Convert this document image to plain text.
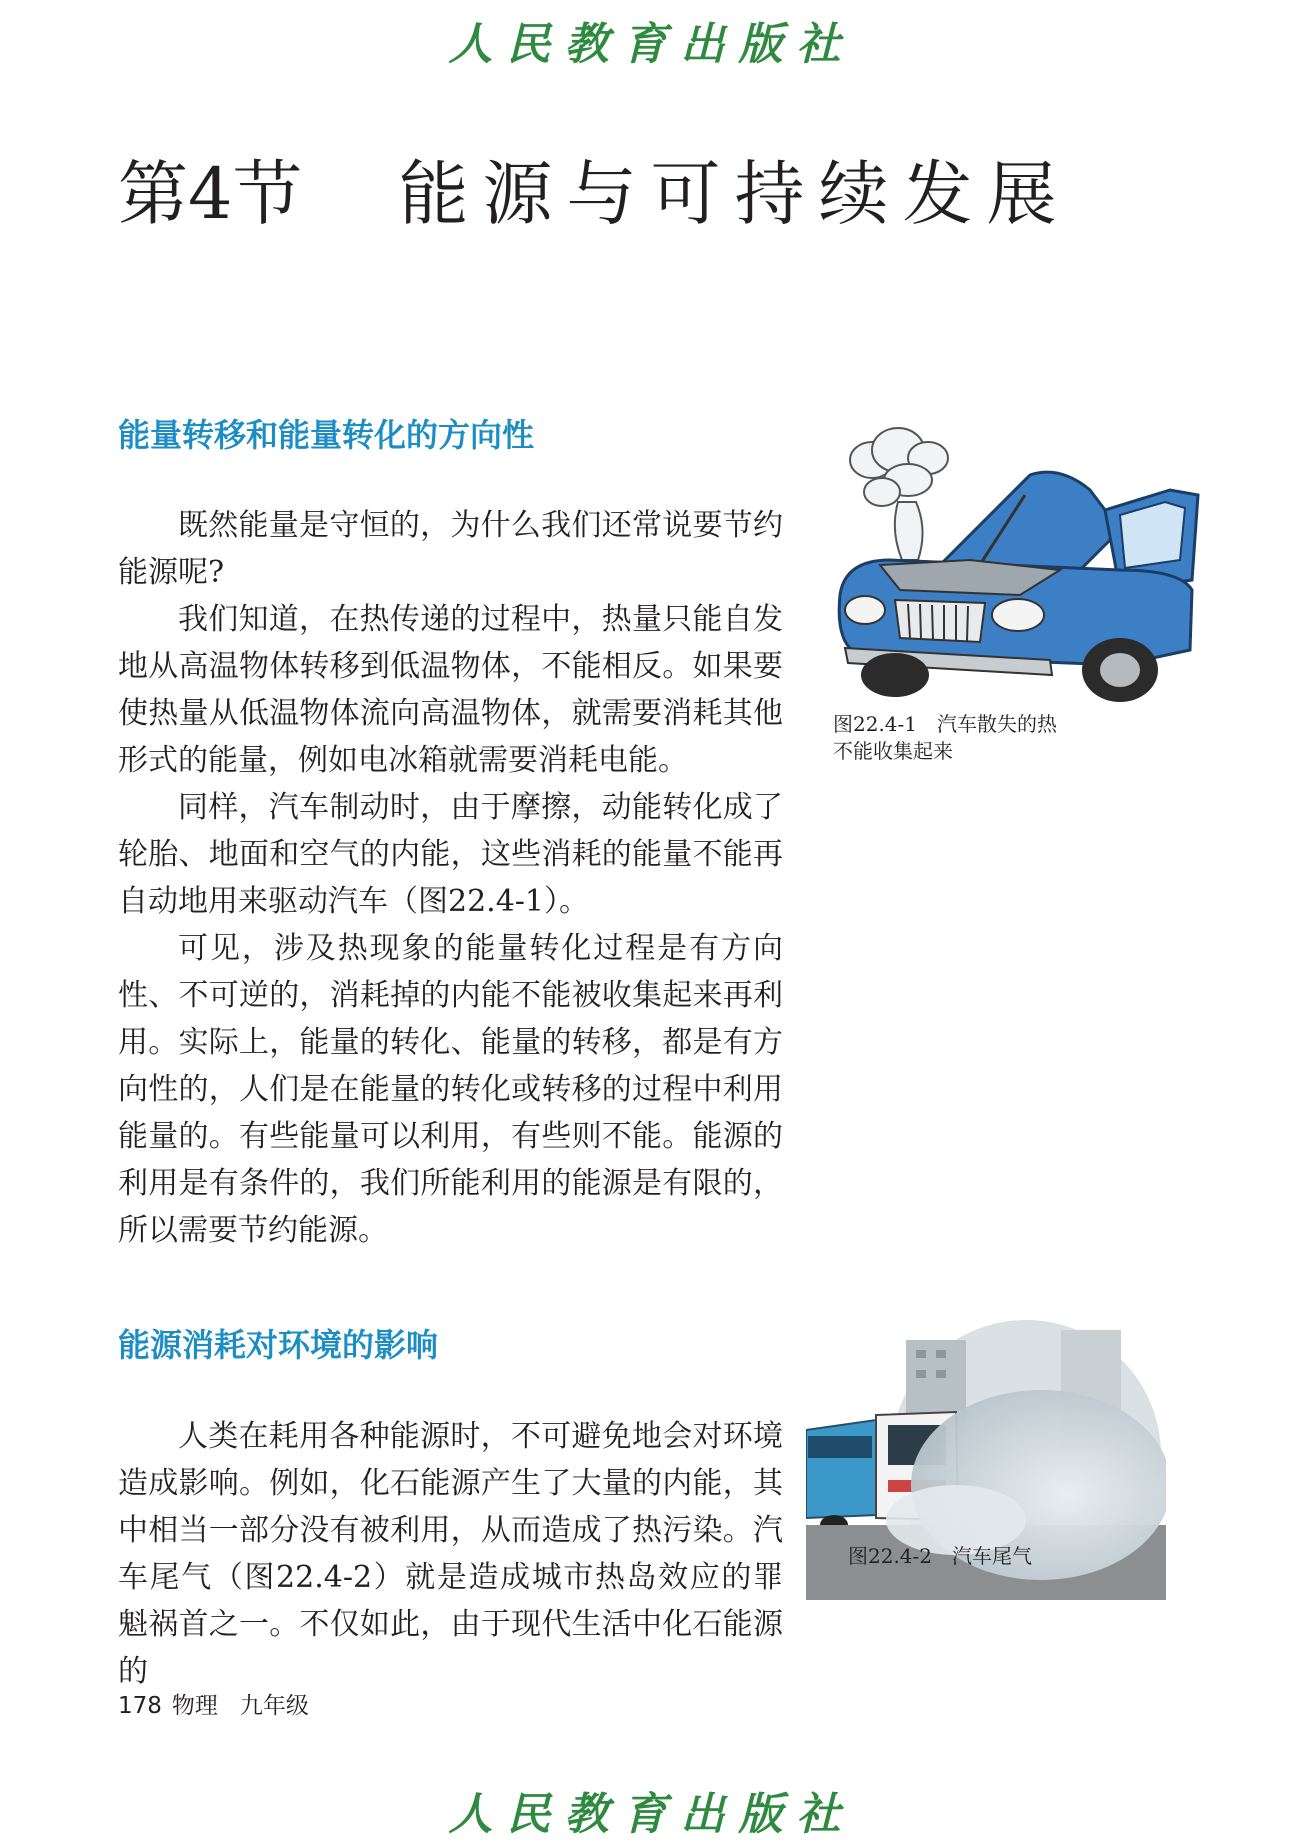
人民教育出版社
第4节 能源与可持续发展
能量转移和能量转化的方向性

既然能量是守恒的，为什么我们还常说要节约能源呢?

我们知道，在热传递的过程中，热量只能自发地从高温物体转移到低温物体，不能相反。如果要使热量从低温物体流向高温物体，就需要消耗其他形式的能量，例如电冰箱就需要消耗电能。

同样，汽车制动时，由于摩擦，动能转化成了轮胎、地面和空气的内能，这些消耗的能量不能再自动地用来驱动汽车（图22.4-1）。

可见，涉及热现象的能量转化过程是有方向性、不可逆的，消耗掉的内能不能被收集起来再利用。实际上，能量的转化、能量的转移，都是有方向性的，人们是在能量的转化或转移的过程中利用能量的。有些能量可以利用，有些则不能。能源的利用是有条件的，我们所能利用的能源是有限的，所以需要节约能源。

图22.4-1　汽车散失的热
不能收集起来
能源消耗对环境的影响

人类在耗用各种能源时，不可避免地会对环境造成影响。例如，化石能源产生了大量的内能，其中相当一部分没有被利用，从而造成了热污染。汽车尾气（图22.4-2）就是造成城市热岛效应的罪魁祸首之一。不仅如此，由于现代生活中化石能源的

图22.4-2　汽车尾气
178 物理 九年级
人民教育出版社
